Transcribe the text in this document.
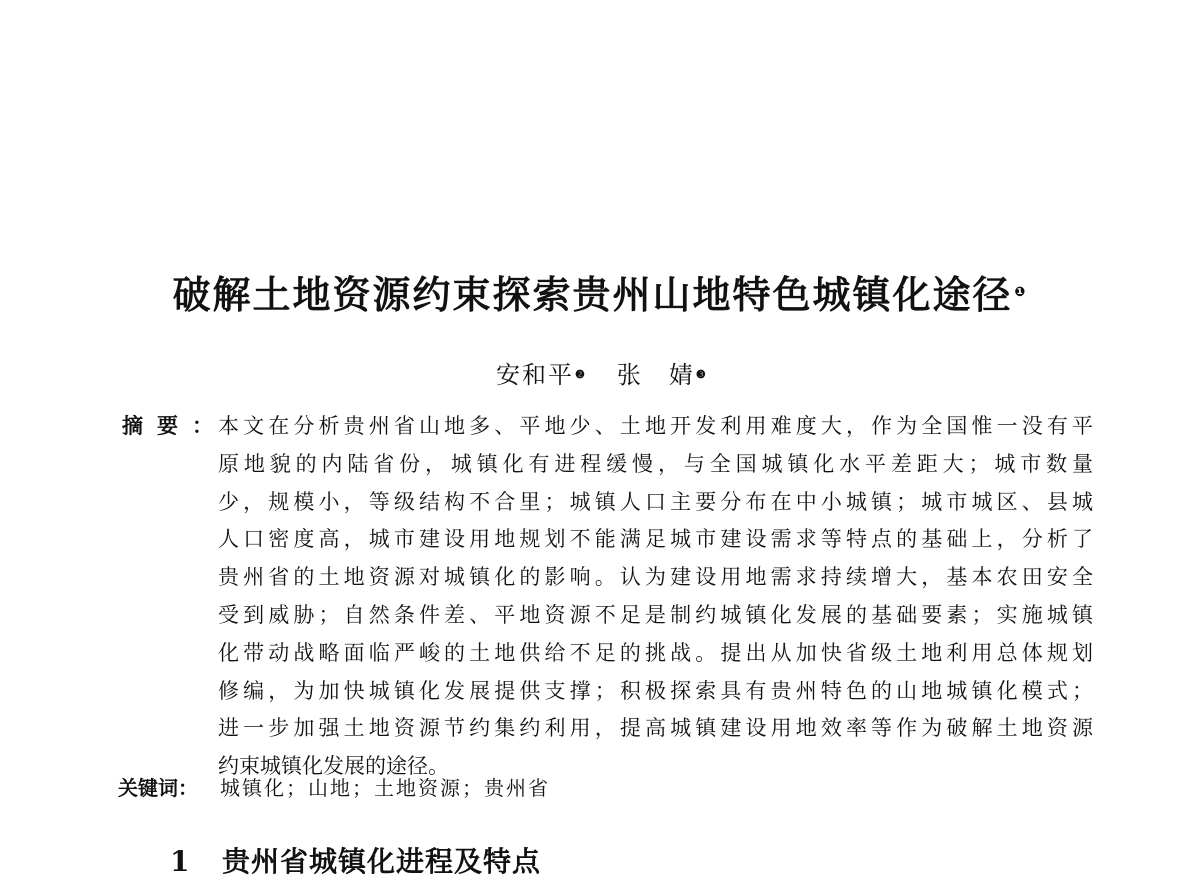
破解土地资源约束探索贵州山地特色城镇化途径 ❶
安和平❷ 张　婧❸
摘要： 本文在分析贵州省山地多、平地少、土地开发利用难度大，作为全国惟一没有平
原地貌的内陆省份，城镇化有进程缓慢，与全国城镇化水平差距大；城市数量
少，规模小，等级结构不合里；城镇人口主要分布在中小城镇；城市城区、县城
人口密度高，城市建设用地规划不能满足城市建设需求等特点的基础上，分析了
贵州省的土地资源对城镇化的影响。认为建设用地需求持续增大，基本农田安全
受到威胁；自然条件差、平地资源不足是制约城镇化发展的基础要素；实施城镇
化带动战略面临严峻的土地供给不足的挑战。提出从加快省级土地利用总体规划
修编，为加快城镇化发展提供支撑；积极探索具有贵州特色的山地城镇化模式；
进一步加强土地资源节约集约利用，提高城镇建设用地效率等作为破解土地资源
约束城镇化发展的途径。
关键词： 城镇化；山地；土地资源；贵州省
1 贵州省城镇化进程及特点
